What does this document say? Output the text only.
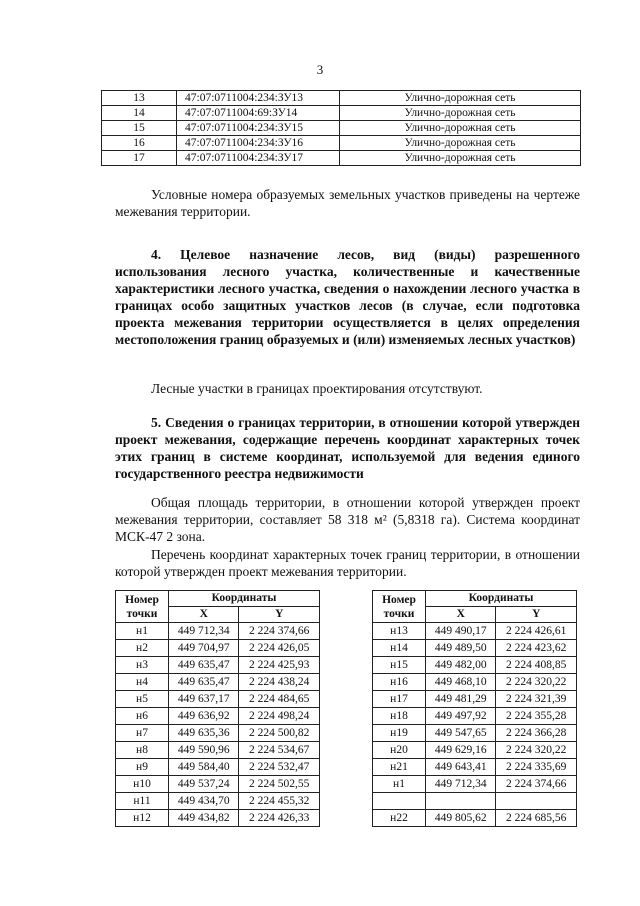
3
13	47:07:0711004:234:ЗУ13	Улично-дорожная сеть
14	47:07:0711004:69:ЗУ14	Улично-дорожная сеть
15	47:07:0711004:234:ЗУ15	Улично-дорожная сеть
16	47:07:0711004:234:ЗУ16	Улично-дорожная сеть
17	47:07:0711004:234:ЗУ17	Улично-дорожная сеть

Условные номера образуемых земельных участков приведены на чертеже межевания территории.

4. Целевое назначение лесов, вид (виды) разрешенного использования лесного участка, количественные и качественные характеристики лесного участка, сведения о нахождении лесного участка в границах особо защитных участков лесов (в случае, если подготовка проекта межевания территории осуществляется в целях определения местоположения границ образуемых и (или) изменяемых лесных участков)

Лесные участки в границах проектирования отсутствуют.

5. Сведения о границах территории, в отношении которой утвержден проект межевания, содержащие перечень координат характерных точек этих границ в системе координат, используемой для ведения единого государственного реестра недвижимости

Общая площадь территории, в отношении которой утвержден проект межевания территории, составляет 58 318 м² (5,8318 га). Система координат МСК-47 2 зона.

Перечень координат характерных точек границ территории, в отношении которой утвержден проект межевания территории.

Номер
точки	Координаты	
	X	Y
н1	449 712,34	2 224 374,66
н2	449 704,97	2 224 426,05
н3	449 635,47	2 224 425,93
н4	449 635,47	2 224 438,24
н5	449 637,17	2 224 484,65
н6	449 636,92	2 224 498,24
н7	449 635,36	2 224 500,82
н8	449 590,96	2 224 534,67
н9	449 584,40	2 224 532,47
н10	449 537,24	2 224 502,55
н11	449 434,70	2 224 455,32
н12	449 434,82	2 224 426,33
Номер
точки	Координаты	
	X	Y
н13	449 490,17	2 224 426,61
н14	449 489,50	2 224 423,62
н15	449 482,00	2 224 408,85
н16	449 468,10	2 224 320,22
н17	449 481,29	2 224 321,39
н18	449 497,92	2 224 355,28
н19	449 547,65	2 224 366,28
н20	449 629,16	2 224 320,22
н21	449 643,41	2 224 335,69
н1	449 712,34	2 224 374,66

н22	449 805,62	2 224 685,56
